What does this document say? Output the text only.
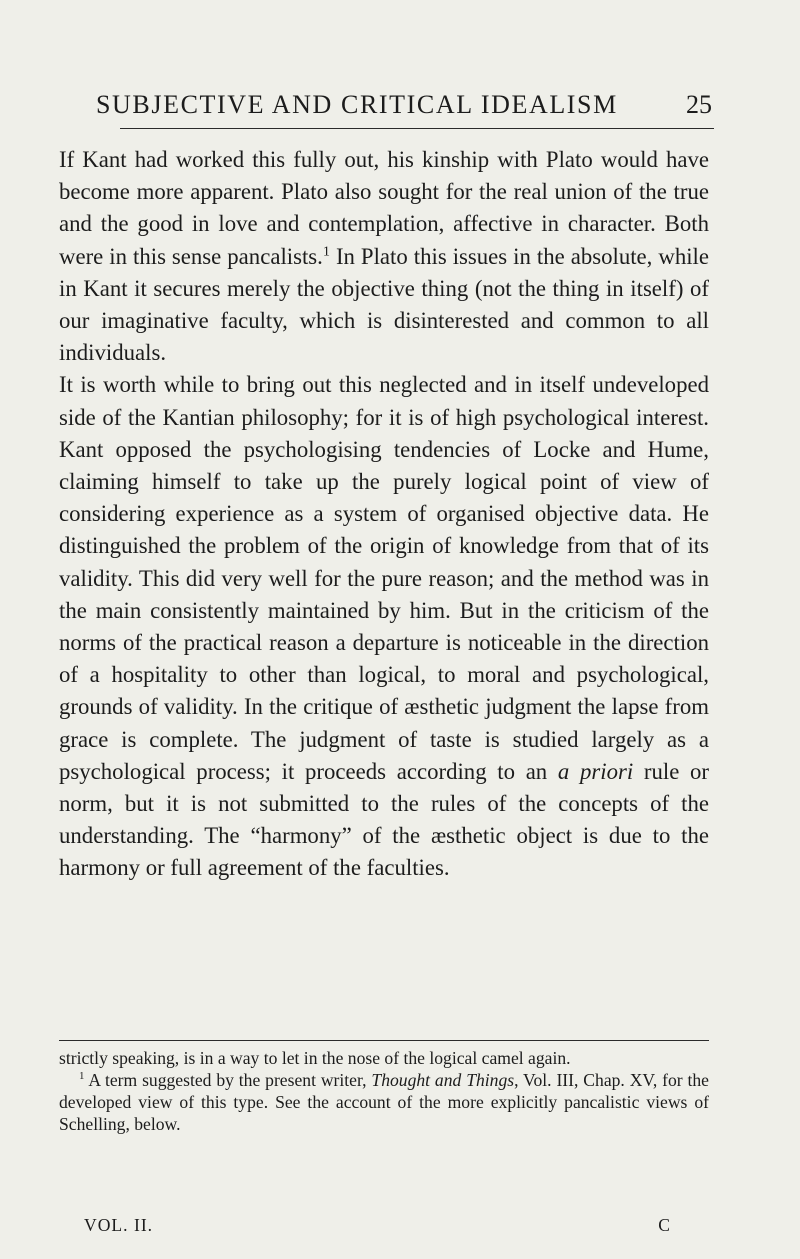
SUBJECTIVE AND CRITICAL IDEALISM	25

If Kant had worked this fully out, his kinship with Plato would have become more apparent. Plato also sought for the real union of the true and the good in love and contemplation, affective in character. Both were in this sense pancalists.$^1$ In Plato this issues in the absolute, while in Kant it secures merely the objective thing (not the thing in itself) of our imaginative faculty, which is disinterested and common to all individuals.

It is worth while to bring out this neglected and in itself undeveloped side of the Kantian philosophy; for it is of high psychological interest. Kant opposed the psychologising tendencies of Locke and Hume, claiming himself to take up the purely logical point of view of considering experience as a system of organised objective data. He distinguished the problem of the origin of knowledge from that of its validity. This did very well for the pure reason; and the method was in the main consistently maintained by him. But in the criticism of the norms of the practical reason a departure is noticeable in the direction of a hospitality to other than logical, to moral and psychological, grounds of validity. In the critique of æsthetic judgment the lapse from grace is complete. The judgment of taste is studied largely as a psychological process; it proceeds according to an a priori rule or norm, but it is not submitted to the rules of the concepts of the understanding. The “harmony” of the æsthetic object is due to the harmony or full agreement of the faculties.

strictly speaking, is in a way to let in the nose of the logical camel again.

$^1$ A term suggested by the present writer, Thought and Things, Vol. III, Chap. XV, for the developed view of this type. See the account of the more explicitly pancalistic views of Schelling, below.

VOL. II.	C
